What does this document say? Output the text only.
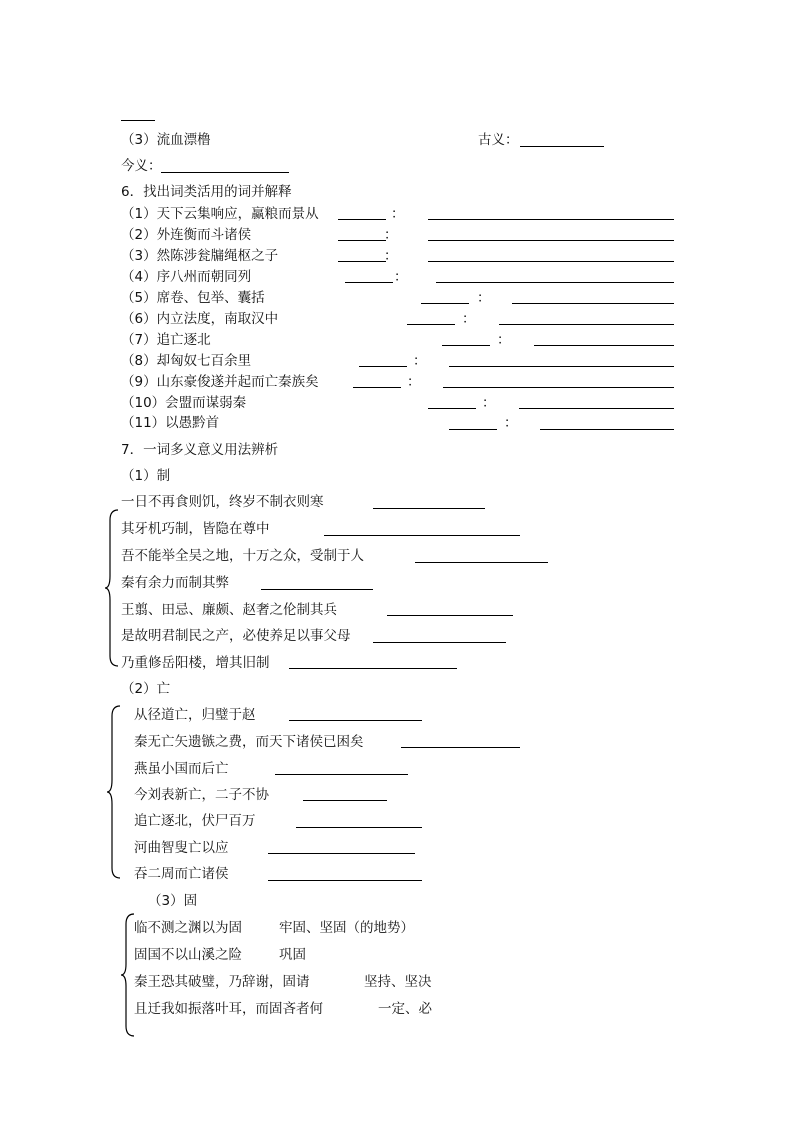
（3）流血漂橹	古义：
今义：
6．找出词类活用的词并解释
（1）天下云集响应，赢粮而景从	：
（2）外连衡而斗诸侯	：
（3）然陈涉瓮牖绳枢之子	：
（4）序八州而朝同列	：
（5）席卷、包举、囊括	：
（6）内立法度，南取汉中	：
（7）追亡逐北	：
（8）却匈奴七百余里	：
（9）山东豪俊遂并起而亡秦族矣	：
（10）会盟而谋弱秦	：
（11）以愚黔首	：
7．一词多义意义用法辨析
（1）制
一日不再食则饥，终岁不制衣则寒
其牙机巧制，皆隐在尊中
吾不能举全吴之地，十万之众，受制于人
秦有余力而制其弊
王翦、田忌、廉颇、赵奢之伦制其兵
是故明君制民之产，必使养足以事父母
乃重修岳阳楼，增其旧制
（2）亡
从径道亡，归璧于赵
秦无亡矢遗镞之费，而天下诸侯已困矣
燕虽小国而后亡
今刘表新亡，二子不协
追亡逐北，伏尸百万
河曲智叟亡以应
吞二周而亡诸侯
（3）固
临不测之渊以为固	牢固、坚固（的地势）
固国不以山溪之险	巩固
秦王恐其破璧，乃辞谢，固请	坚持、坚决
且迁我如振落叶耳，而固吝者何	一定、必
